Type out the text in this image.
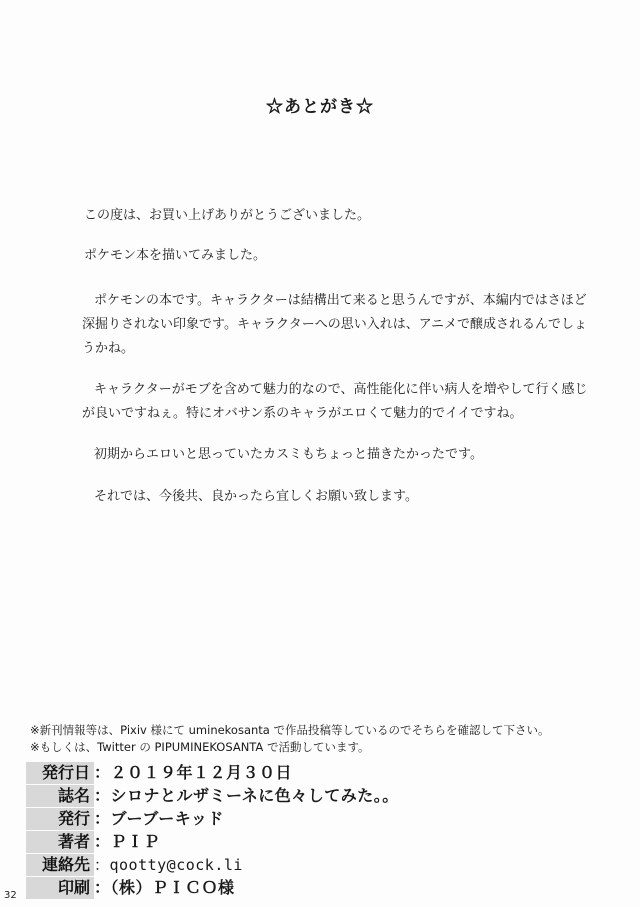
☆あとがき☆
この度は、お買い上げありがとうございました。
ポケモン本を描いてみました。
ポケモンの本です。キャラクターは結構出て来ると思うんですが、本編内ではさほど
深掘りされない印象です。キャラクターへの思い入れは、アニメで醸成されるんでしょ
うかね。
キャラクターがモブを含めて魅力的なので、高性能化に伴い病人を増やして行く感じ
が良いですねぇ。特にオバサン系のキャラがエロくて魅力的でイイですね。
初期からエロいと思っていたカスミもちょっと描きたかったです。
それでは、今後共、良かったら宜しくお願い致します。
※新刊情報等は、Pixiv 様にて uminekosanta で作品投稿等しているのでそちらを確認して下さい。
※もしくは、Twitter の PIPUMINEKOSANTA で活動しています。
発行日 ：２０１９年１２月３０日
誌名 ：シロナとルザミーネに色々してみた。。
発行 ：ブーブーキッド
著者 ：ＰＩＰ
連絡先 ：qootty@cock.li
印刷 ：（株）ＰＩＣＯ様
32
